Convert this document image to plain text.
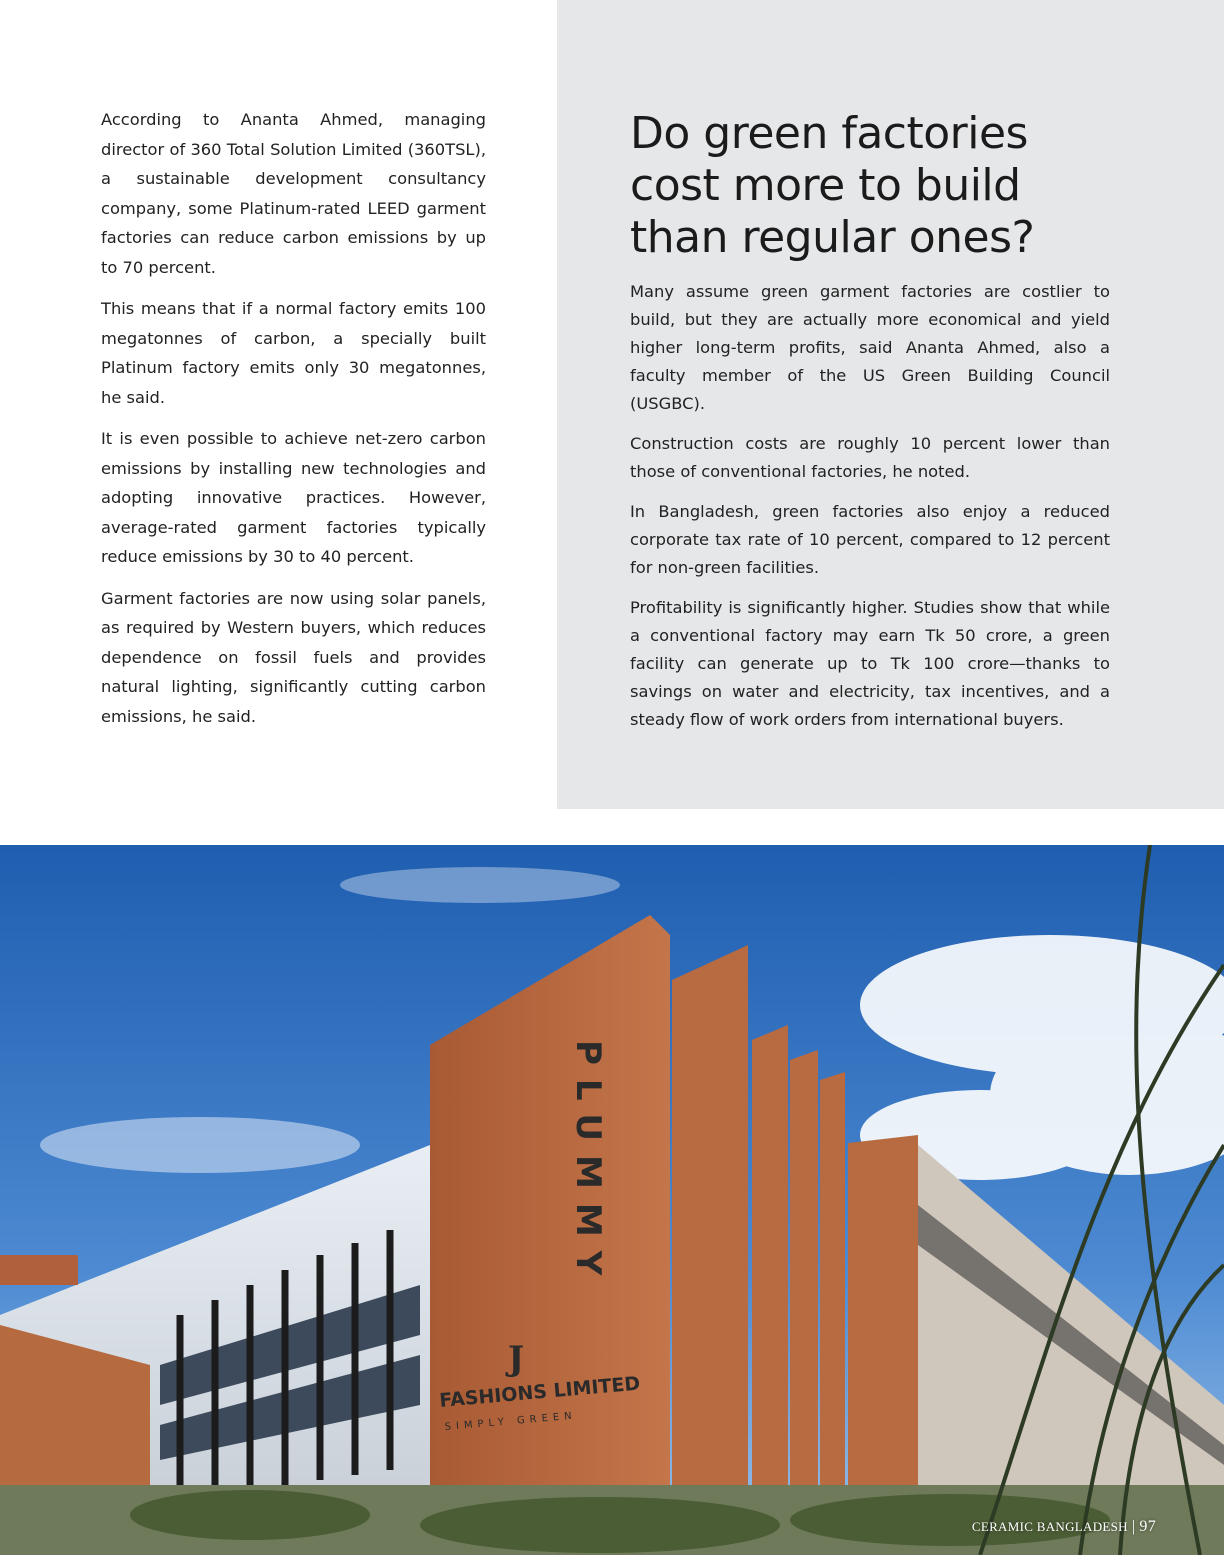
According to Ananta Ahmed, managing director of 360 Total Solution Limited (360TSL), a sustainable development consultancy company, some Platinum-rated LEED garment factories can reduce carbon emissions by up to 70 percent.

This means that if a normal factory emits 100 megatonnes of carbon, a specially built Platinum factory emits only 30 megatonnes, he said.

It is even possible to achieve net-zero carbon emissions by installing new technologies and adopting innovative practices. However, average-rated garment factories typically reduce emissions by 30 to 40 percent.

Garment factories are now using solar panels, as required by Western buyers, which reduces dependence on fossil fuels and provides natural lighting, significantly cutting carbon emissions, he said.

Do green factories cost more to build than regular ones?

Many assume green garment factories are costlier to build, but they are actually more economical and yield higher long-term profits, said Ananta Ahmed, also a faculty member of the US Green Building Council (USGBC).

Construction costs are roughly 10 percent lower than those of conventional factories, he noted.

In Bangladesh, green factories also enjoy a reduced corporate tax rate of 10 percent, compared to 12 percent for non-green facilities.

Profitability is significantly higher. Studies show that while a conventional factory may earn Tk 50 crore, a green facility can generate up to Tk 100 crore—thanks to savings on water and electricity, tax incentives, and a steady flow of work orders from international buyers.

PLUMMY
J
FASHIONS LIMITED
SIMPLY GREEN
CERAMIC BANGLADESH | 97
